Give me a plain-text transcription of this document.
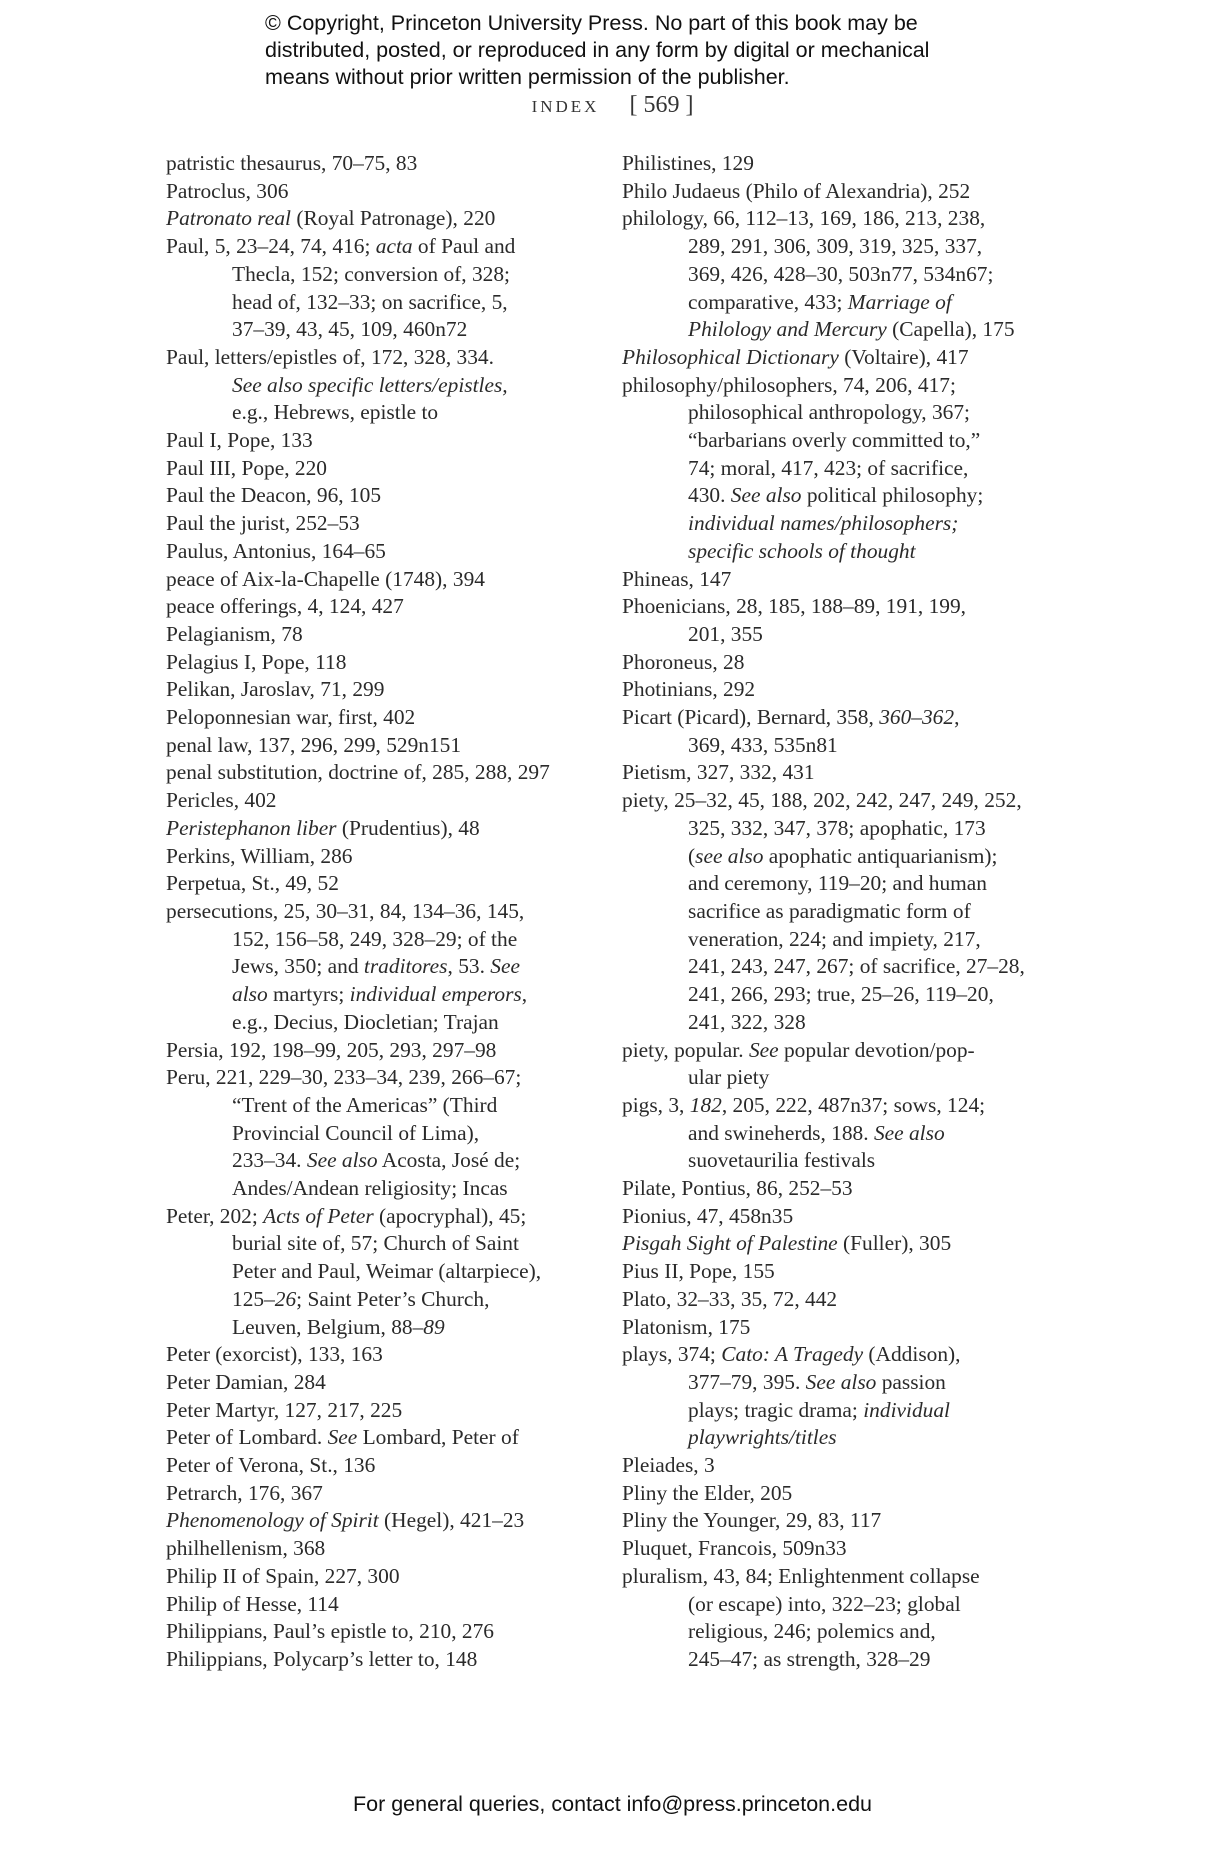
© Copyright, Princeton University Press. No part of this book may be
distributed, posted, or reproduced in any form by digital or mechanical
means without prior written permission of the publisher.
INDEX [ 569 ]
patristic thesaurus, 70–75, 83
Patroclus, 306
Patronato real (Royal Patronage), 220
Paul, 5, 23–24, 74, 416; acta of Paul and
Thecla, 152; conversion of, 328;
head of, 132–33; on sacrifice, 5,
37–39, 43, 45, 109, 460n72
Paul, letters/epistles of, 172, 328, 334.
See also specific letters/epistles,
e.g., Hebrews, epistle to
Paul I, Pope, 133
Paul III, Pope, 220
Paul the Deacon, 96, 105
Paul the jurist, 252–53
Paulus, Antonius, 164–65
peace of Aix-la-Chapelle (1748), 394
peace offerings, 4, 124, 427
Pelagianism, 78
Pelagius I, Pope, 118
Pelikan, Jaroslav, 71, 299
Peloponnesian war, first, 402
penal law, 137, 296, 299, 529n151
penal substitution, doctrine of, 285, 288, 297
Pericles, 402
Peristephanon liber (Prudentius), 48
Perkins, William, 286
Perpetua, St., 49, 52
persecutions, 25, 30–31, 84, 134–36, 145,
152, 156–58, 249, 328–29; of the
Jews, 350; and traditores, 53. See
also martyrs; individual emperors,
e.g., Decius, Diocletian; Trajan
Persia, 192, 198–99, 205, 293, 297–98
Peru, 221, 229–30, 233–34, 239, 266–67;
“Trent of the Americas” (Third
Provincial Council of Lima),
233–34. See also Acosta, José de;
Andes/Andean religiosity; Incas
Peter, 202; Acts of Peter (apocryphal), 45;
burial site of, 57; Church of Saint
Peter and Paul, Weimar (altarpiece),
125–26; Saint Peter’s Church,
Leuven, Belgium, 88–89
Peter (exorcist), 133, 163
Peter Damian, 284
Peter Martyr, 127, 217, 225
Peter of Lombard. See Lombard, Peter of
Peter of Verona, St., 136
Petrarch, 176, 367
Phenomenology of Spirit (Hegel), 421–23
philhellenism, 368
Philip II of Spain, 227, 300
Philip of Hesse, 114
Philippians, Paul’s epistle to, 210, 276
Philippians, Polycarp’s letter to, 148
Philistines, 129
Philo Judaeus (Philo of Alexandria), 252
philology, 66, 112–13, 169, 186, 213, 238,
289, 291, 306, 309, 319, 325, 337,
369, 426, 428–30, 503n77, 534n67;
comparative, 433; Marriage of
Philology and Mercury (Capella), 175
Philosophical Dictionary (Voltaire), 417
philosophy/philosophers, 74, 206, 417;
philosophical anthropology, 367;
“barbarians overly committed to,”
74; moral, 417, 423; of sacrifice,
430. See also political philosophy;
individual names/philosophers;
specific schools of thought
Phineas, 147
Phoenicians, 28, 185, 188–89, 191, 199,
201, 355
Phoroneus, 28
Photinians, 292
Picart (Picard), Bernard, 358, 360–362,
369, 433, 535n81
Pietism, 327, 332, 431
piety, 25–32, 45, 188, 202, 242, 247, 249, 252,
325, 332, 347, 378; apophatic, 173
(see also apophatic antiquarianism);
and ceremony, 119–20; and human
sacrifice as paradigmatic form of
veneration, 224; and impiety, 217,
241, 243, 247, 267; of sacrifice, 27–28,
241, 266, 293; true, 25–26, 119–20,
241, 322, 328
piety, popular. See popular devotion/pop-
ular piety
pigs, 3, 182, 205, 222, 487n37; sows, 124;
and swineherds, 188. See also
suovetaurilia festivals
Pilate, Pontius, 86, 252–53
Pionius, 47, 458n35
Pisgah Sight of Palestine (Fuller), 305
Pius II, Pope, 155
Plato, 32–33, 35, 72, 442
Platonism, 175
plays, 374; Cato: A Tragedy (Addison),
377–79, 395. See also passion
plays; tragic drama; individual
playwrights/titles
Pleiades, 3
Pliny the Elder, 205
Pliny the Younger, 29, 83, 117
Pluquet, Francois, 509n33
pluralism, 43, 84; Enlightenment collapse
(or escape) into, 322–23; global
religious, 246; polemics and,
245–47; as strength, 328–29
For general queries, contact info@press.princeton.edu
